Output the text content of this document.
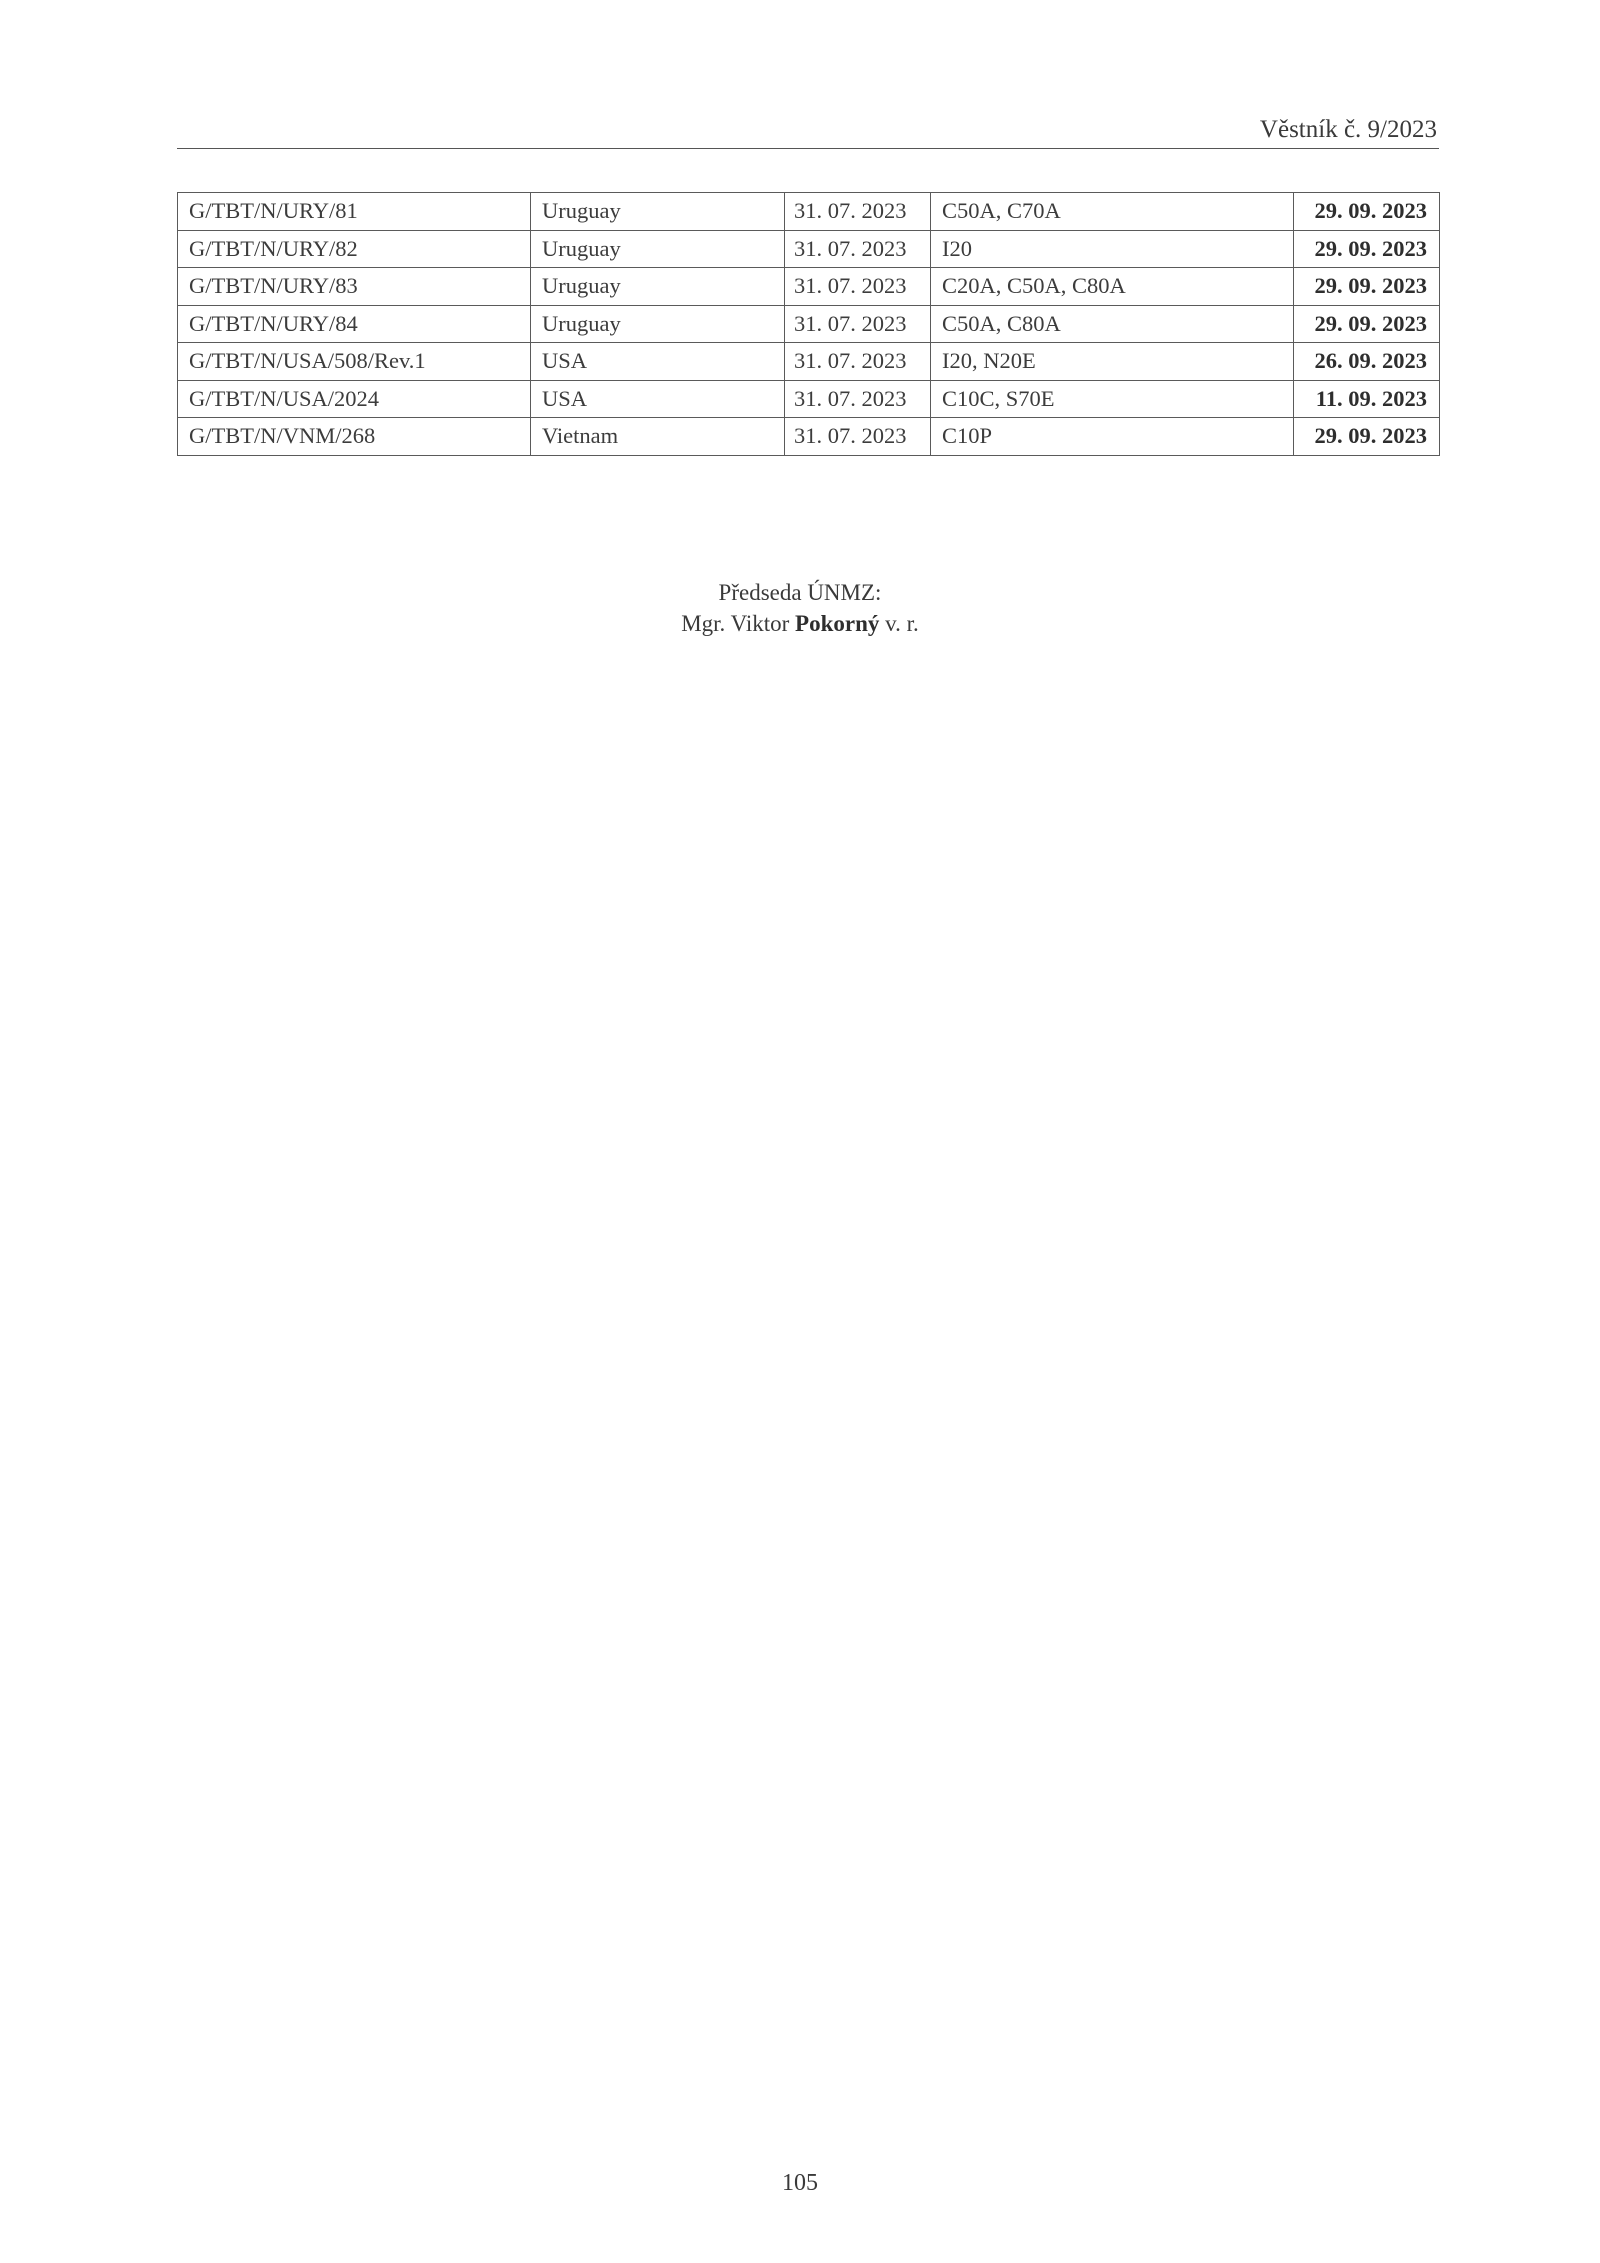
Věstník č. 9/2023
G/TBT/N/URY/81	Uruguay	31. 07. 2023	C50A, C70A	29. 09. 2023
G/TBT/N/URY/82	Uruguay	31. 07. 2023	I20	29. 09. 2023
G/TBT/N/URY/83	Uruguay	31. 07. 2023	C20A, C50A, C80A	29. 09. 2023
G/TBT/N/URY/84	Uruguay	31. 07. 2023	C50A, C80A	29. 09. 2023
G/TBT/N/USA/508/Rev.1	USA	31. 07. 2023	I20, N20E	26. 09. 2023
G/TBT/N/USA/2024	USA	31. 07. 2023	C10C, S70E	11. 09. 2023
G/TBT/N/VNM/268	Vietnam	31. 07. 2023	C10P	29. 09. 2023
Předseda ÚNMZ:
Mgr. Viktor Pokorný v. r.
105
